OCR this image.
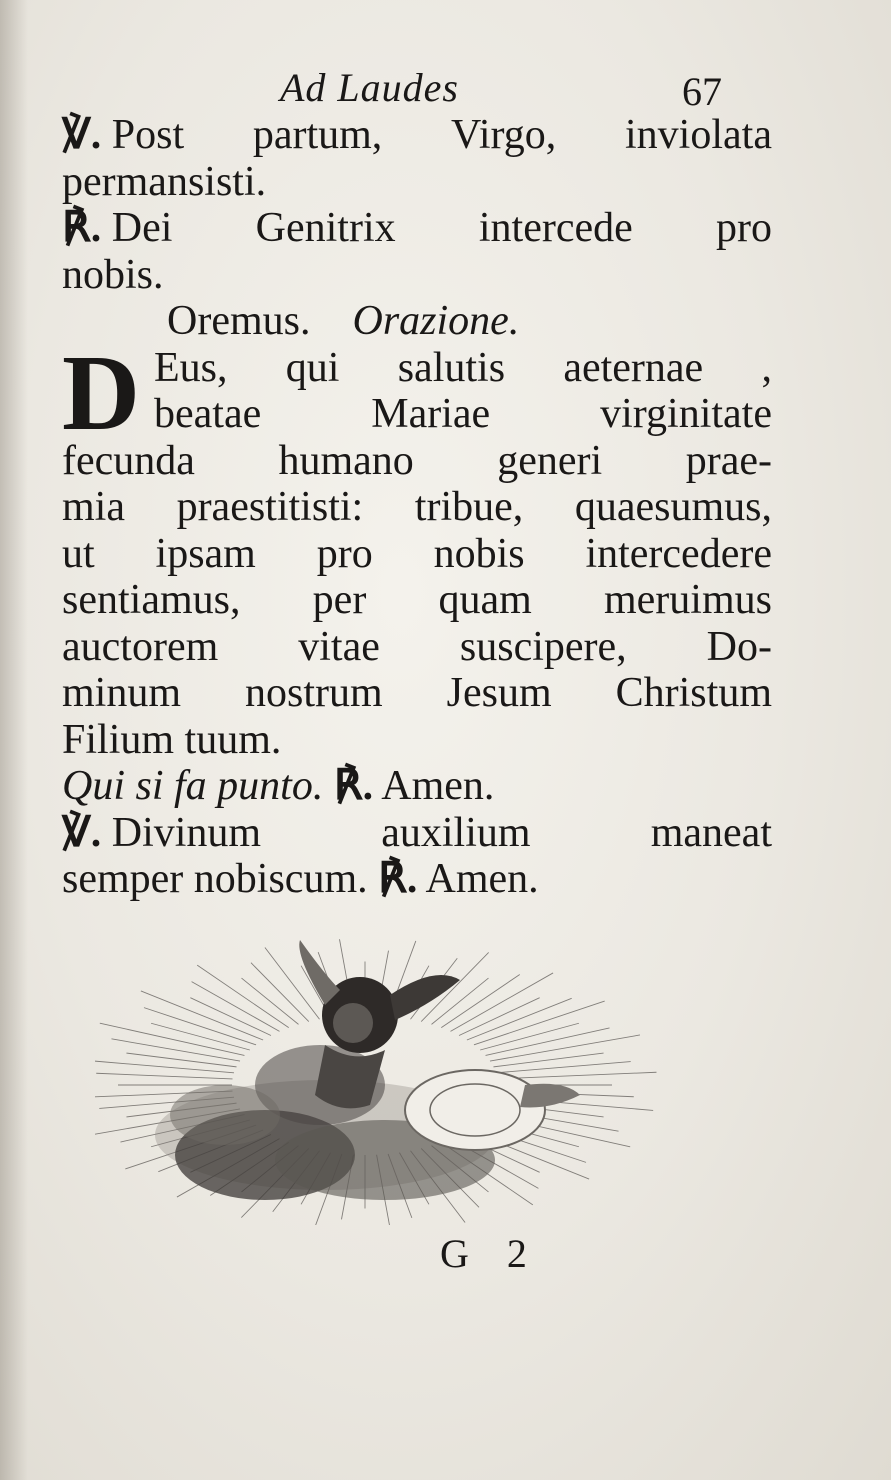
Ad Laudes	67
℣. Post partum, Virgo, inviolata
permansisti.
℟. Dei Genitrix intercede pro
nobis.
Oremus. Orazione.
D Eus, qui salutis aeternae ,
beatae	Mariae	virginitate
fecunda humano generi prae-
mia praestitisti: tribue, quaesumus,
ut ipsam pro nobis intercedere
sentiamus, per quam meruimus
auctorem vitae suscipere, Do-
minum nostrum Jesum Christum
Filium tuum.
Qui si fa punto. ℟. Amen.
℣. Divinum	auxilium	maneat
semper nobiscum. ℟. Amen.
G 2
